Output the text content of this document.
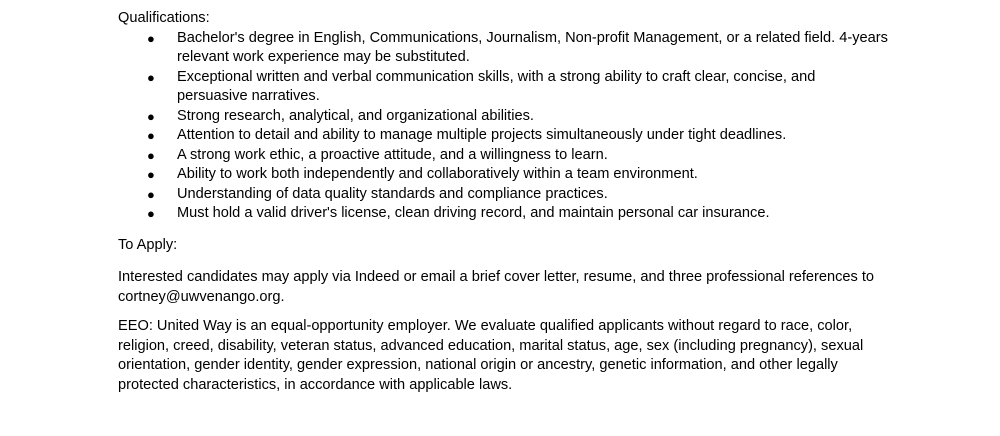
Qualifications:

● Bachelor's degree in English, Communications, Journalism, Non-profit Management, or a related field. 4-years relevant work experience may be substituted.
● Exceptional written and verbal communication skills, with a strong ability to craft clear, concise, and persuasive narratives.
● Strong research, analytical, and organizational abilities.
● Attention to detail and ability to manage multiple projects simultaneously under tight deadlines.
● A strong work ethic, a proactive attitude, and a willingness to learn.
● Ability to work both independently and collaboratively within a team environment.
● Understanding of data quality standards and compliance practices.
● Must hold a valid driver's license, clean driving record, and maintain personal car insurance.

To Apply:

Interested candidates may apply via Indeed or email a brief cover letter, resume, and three professional references to cortney@uwvenango.org.

EEO: United Way is an equal-opportunity employer. We evaluate qualified applicants without regard to race, color, religion, creed, disability, veteran status, advanced education, marital status, age, sex (including pregnancy), sexual orientation, gender identity, gender expression, national origin or ancestry, genetic information, and other legally protected characteristics, in accordance with applicable laws.
